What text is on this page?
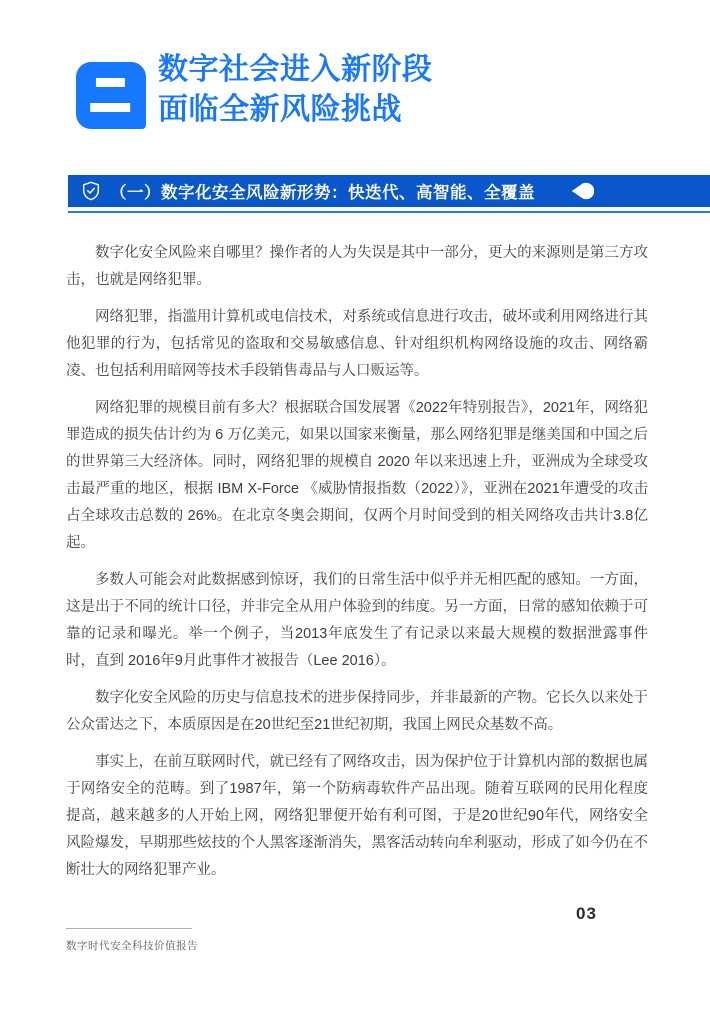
数字社会进入新阶段
面临全新风险挑战
（一）数字化安全风险新形势：快迭代、高智能、全覆盖

数字化安全风险来自哪里？操作者的人为失误是其中一部分，更大的来源则是第三方攻击，也就是网络犯罪。

网络犯罪，指滥用计算机或电信技术，对系统或信息进行攻击，破坏或利用网络进行其他犯罪的行为，包括常见的盗取和交易敏感信息、针对组织机构网络设施的攻击、网络霸凌、也包括利用暗网等技术手段销售毒品与人口贩运等。

网络犯罪的规模目前有多大？根据联合国发展署《2022年特别报告》，2021年，网络犯罪造成的损失估计约为 6 万亿美元，如果以国家来衡量，那么网络犯罪是继美国和中国之后的世界第三大经济体。同时，网络犯罪的规模自 2020 年以来迅速上升，亚洲成为全球受攻击最严重的地区，根据 IBM X-Force 《威胁情报指数（2022）》，亚洲在2021年遭受的攻击占全球攻击总数的 26%。在北京冬奥会期间，仅两个月时间受到的相关网络攻击共计3.8亿起。

多数人可能会对此数据感到惊讶，我们的日常生活中似乎并无相匹配的感知。一方面，这是出于不同的统计口径，并非完全从用户体验到的纬度。另一方面，日常的感知依赖于可靠的记录和曝光。举一个例子，当2013年底发生了有记录以来最大规模的数据泄露事件时，直到 2016年9月此事件才被报告（Lee 2016）。

数字化安全风险的历史与信息技术的进步保持同步，并非最新的产物。它长久以来处于公众雷达之下，本质原因是在20世纪至21世纪初期，我国上网民众基数不高。

事实上，在前互联网时代，就已经有了网络攻击，因为保护位于计算机内部的数据也属于网络安全的范畴。到了1987年，第一个防病毒软件产品出现。随着互联网的民用化程度提高，越来越多的人开始上网，网络犯罪便开始有利可图，于是20世纪90年代，网络安全风险爆发，早期那些炫技的个人黑客逐渐消失，黑客活动转向牟利驱动，形成了如今仍在不断壮大的网络犯罪产业。

03
数字时代安全科技价值报告
